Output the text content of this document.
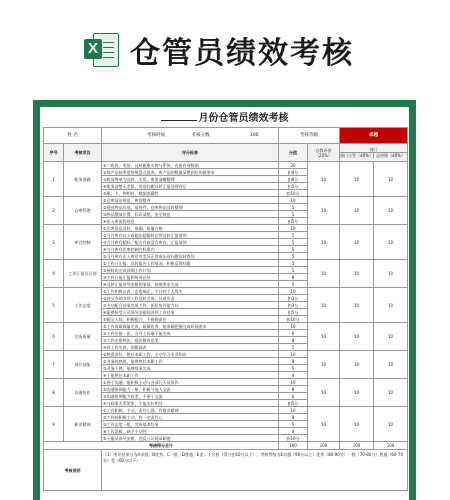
X 仓管员绩效考核
月份仓管员绩效考核
姓 名		考核时间 考核分数 100	考核等级		卓越	
序号	考核项目	评分标准	分值	自我评价（20%）	部门
部门主管（40%） 总经理（40%）	

1	帐务准确	①：收货、发货、及时做账实物与系统、直接有效数据	20	10	10	10
		②每产品按季度按照盘点报表，库产品的数量清楚到位的做要求	扣4分			
		③收货签单为及时、无误、账务清晰整理	扣8分			
		④账务清楚无差错，发现问题及时汇报处理登记	扣5分			
		⑤账、卡、物相符，数据准确性	扣10分			
2	仓库管理	①仓库清洁规范、库容整齐	10	10	10	10
		②规范物品存放，易耗件、仓库物品及时整理	5			
		③物品摆放位置、标识清楚、安全规范	5			
		④出入库流程规范	扣5分			
3	库存控制	①出库货品及时，准确、质量合格	10	10	10	10
		②当月库存以下或超出超限时必须及时汇报请领	5			
		③当月库存超标，配合月底盘点库存、汇报请领	5			
		④当月库存比率控制在标准内	5			
		⑤当月库存出入库比对差异正常或出现问题及时查处	5			
4	工作汇报及计划	①工作日汇报：及时报告工作情况，积极反馈问题	5	10	10	10
		②按时的完成预期工作计划	5			
		③工作日报汇报和每周总结	8			
		④及时汇报领导安排的事情，按照要求完成	5			
5	工作态度	①工作积极认真，态度端正，不计较个人得失	10	10	10	10
		②对交办的各项工作及时完成，认真负责	扣3分			
		③主动配合同事完成工作，团队协作能力好	扣3分			
		④能够接受公司领导安排的各项工作任务	扣5分			
		⑤顾全大局、积极配合，不推脱责任	扣10分			
6	完成质量	①工作保质保量完成，质量优秀，能准确把握完成时间要求	10	10	10	10
		②工作出错一次，当月工作量不能完成	6			
		③工作出错两次，提出整改意见	8			
		④对工作失误，知错就改	5			
7	岗位技能	①熟悉岗位，胜任本职工作，主动学习专业知识	10	10	10	10
		②业务较熟练，能够胜任本职工作	8			
		③业务不熟，能够简单完成	5			
		④不能胜任本职工作	0			
8	沟通协作	①善于沟通，能积极主动与各部门人员协作	10	10	10	10
		②沟通协调能力一般，积极与他人交流	8			
		③沟通协调能力较差，不善于交流	6			
		④与同事关系紧张，不能友好相处	扣5分			
9	职业精神	①工作积极、主动、责任心强，有敬业精神	10	10	10	10
		②工作较积极主动，有一定责任心	8			
		③工作态度一般，完成基本任务	5			
		④工作消极，缺乏主动性	0			
		⑤不服从领导安排，违反公司规章制度	扣10分			
考核得分合计			100	100	100	100
考核说明		（1）考评结果分为A卓越、B优秀、C一般、D普通、E差；不合格（得分在60分以下），考核等级为E卓越（90分以上）优秀（80-90分）一般（70-80分）普通（60-70分）差（60分以下）				
